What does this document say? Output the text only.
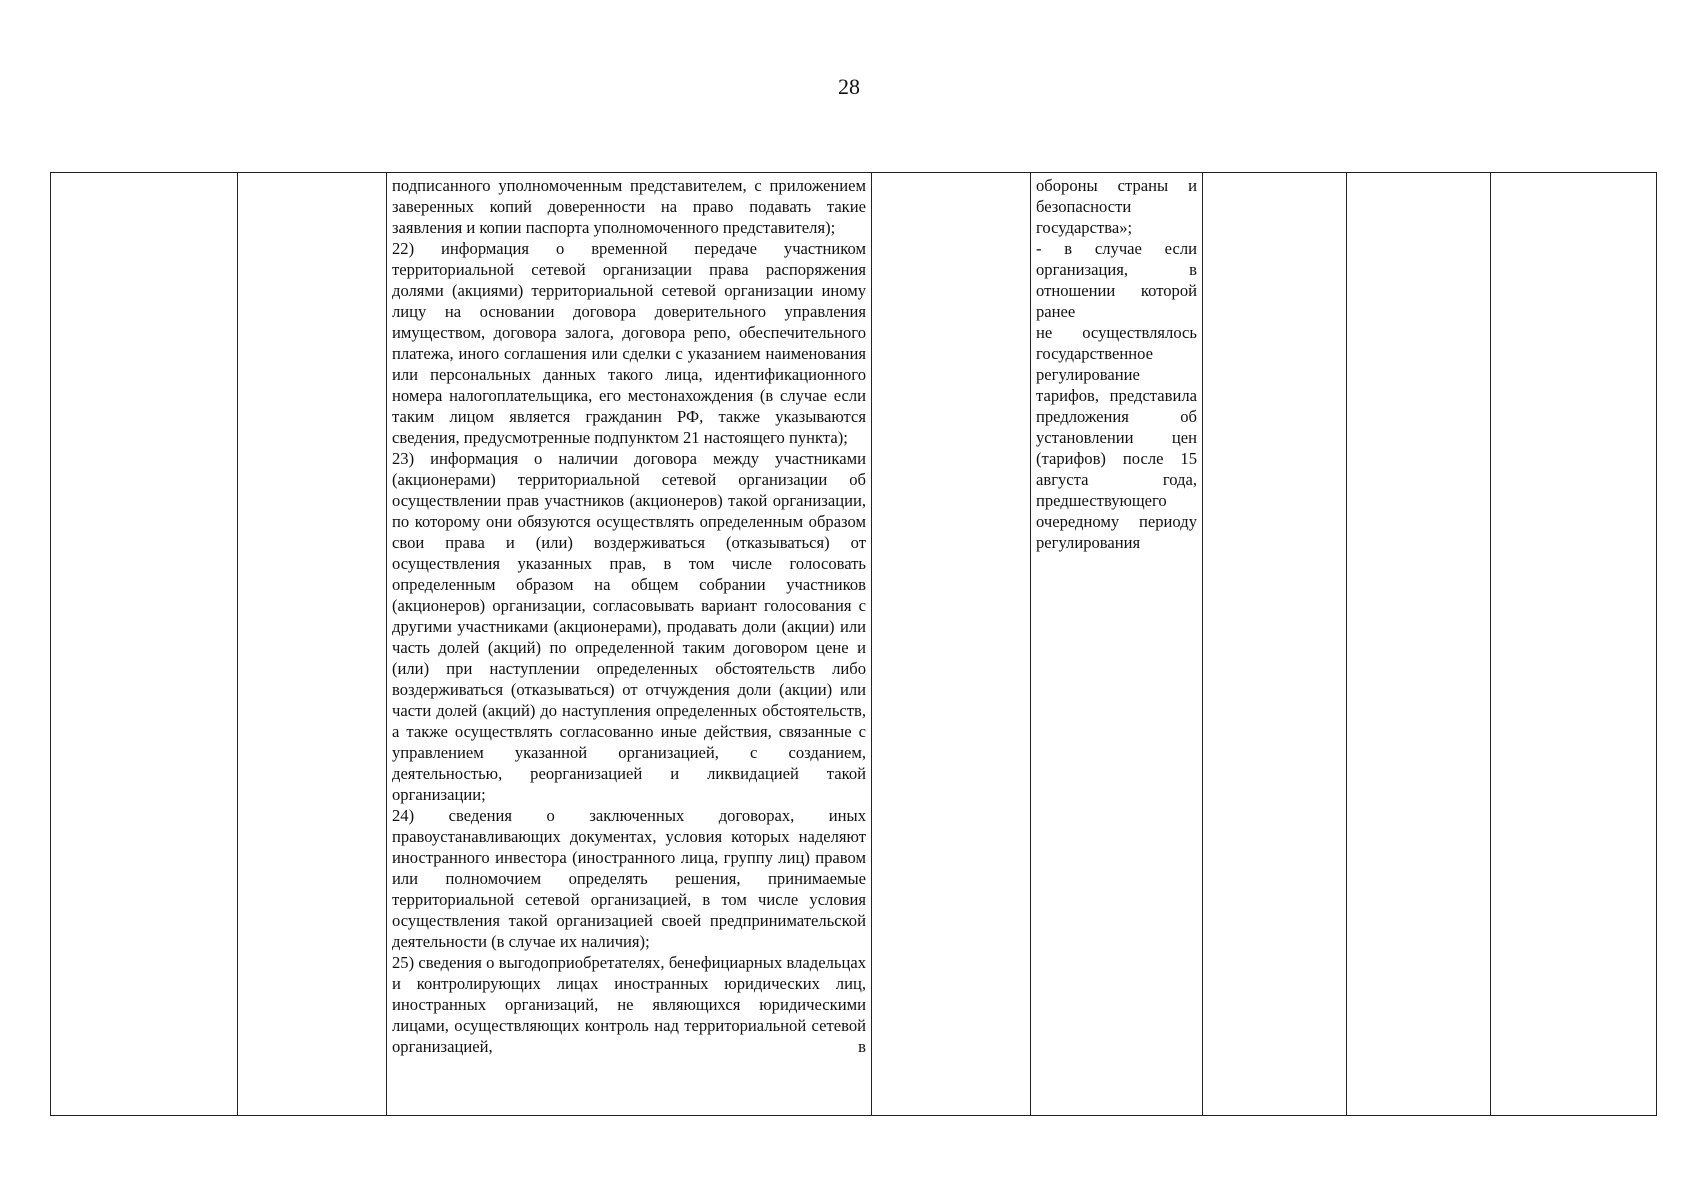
28

подписанного уполномоченным представителем, с приложением заверенных копий доверенности на право подавать такие заявления и копии паспорта уполномоченного представителя);

22) информация о временной передаче участником территориальной сетевой организации права распоряжения долями (акциями) территориальной сетевой организации иному лицу на основании договора доверительного управления имуществом, договора залога, договора репо, обеспечительного платежа, иного соглашения или сделки с указанием наименования или персональных данных такого лица, идентификационного номера налогоплательщика, его местонахождения (в случае если таким лицом является гражданин РФ, также указываются сведения, предусмотренные подпунктом 21 настоящего пункта);

23) информация о наличии договора между участниками (акционерами) территориальной сетевой организации об осуществлении прав участников (акционеров) такой организации, по которому они обязуются осуществлять определенным образом свои права и (или) воздерживаться (отказываться) от осуществления указанных прав, в том числе голосовать определенным образом на общем собрании участников (акционеров) организации, согласовывать вариант голосования с другими участниками (акционерами), продавать доли (акции) или часть долей (акций) по определенной таким договором цене и (или) при наступлении определенных обстоятельств либо воздерживаться (отказываться) от отчуждения доли (акции) или части долей (акций) до наступления определенных обстоятельств, а также осуществлять согласованно иные действия, связанные с управлением указанной организацией, с созданием, деятельностью, реорганизацией и ликвидацией такой организации;

24) сведения о заключенных договорах, иных правоустанавливающих документах, условия которых наделяют иностранного инвестора (иностранного лица, группу лиц) правом или полномочием определять решения, принимаемые территориальной сетевой организацией, в том числе условия осуществления такой организацией своей предпринимательской деятельности (в случае их наличия);

25) сведения о выгодоприобретателях, бенефициарных владельцах и контролирующих лицах иностранных юридических лиц, иностранных организаций, не являющихся юридическими лицами, осуществляющих контроль над территориальной сетевой организацией, в

обороны страны и безопасности государства»;

- в случае если организация, в отношении которой ранее

не осуществлялось государственное регулирование тарифов, представила предложения об установлении цен (тарифов) после 15 августа года, предшествующего очередному периоду регулирования
